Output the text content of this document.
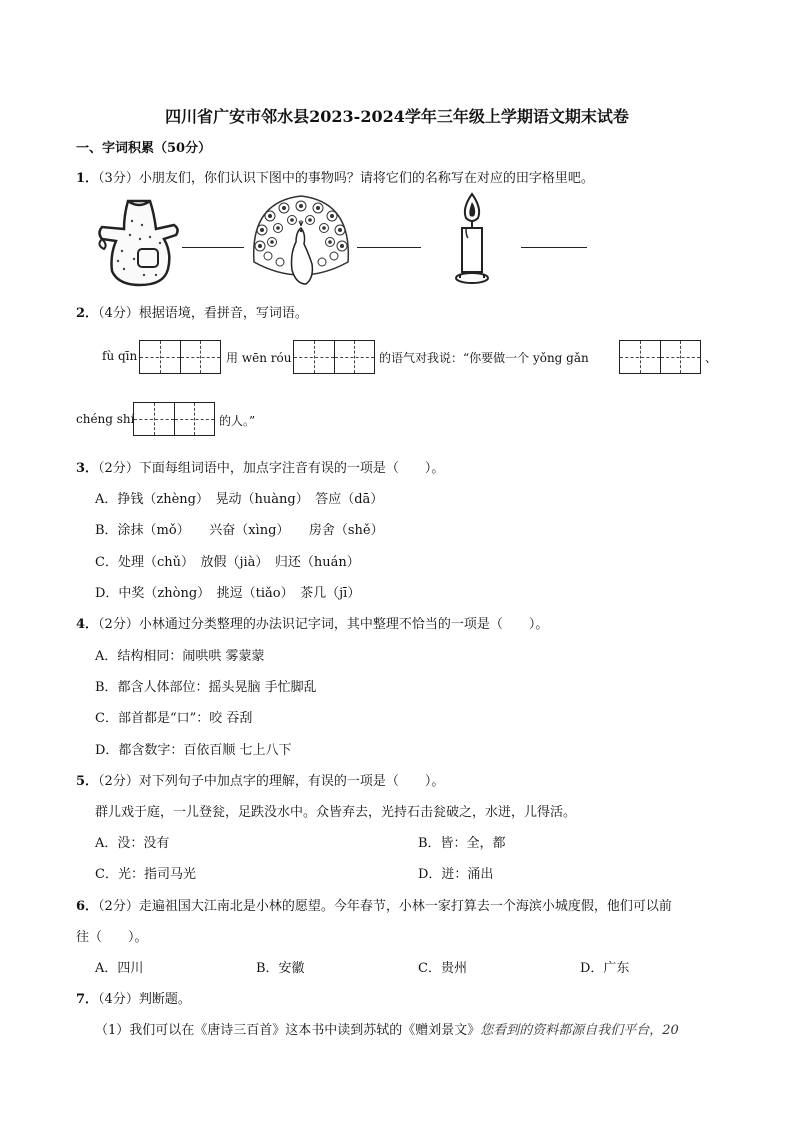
四川省广安市邻水县2023-2024学年三年级上学期语文期末试卷
一、字词积累（50分）
1．（3分）小朋友们，你们认识下图中的事物吗？请将它们的名称写在对应的田字格里吧。
2．（4分）根据语境，看拼音，写词语。
fù qīn	用 wēn róu	的语气对我说：“你要做一个 yǒng gǎn	、
chéng shí	的人。”
3．（2分）下面每组词语中，加点字注音有误的一项是（　　）。
A．挣钱（zhèng）　晃动（huàng）　答应（dā）
B．涂抹（mǒ）　　兴奋（xìng）　　房舍（shě）
C．处理（chǔ）　放假（jià）　归还（huán）
D．中奖（zhòng）　挑逗（tiǎo）　茶几（jī）
4．（2分）小林通过分类整理的办法识记字词，其中整理不恰当的一项是（　　）。
A．结构相同：闹哄哄 雾蒙蒙
B．都含人体部位：摇头晃脑 手忙脚乱
C．部首都是“口”：咬 吞刮
D．都含数字：百依百顺 七上八下
5．（2分）对下列句子中加点字的理解，有误的一项是（　　）。
群儿戏于庭，一儿登瓮，足跌没水中。众皆弃去，光持石击瓮破之，水迸，儿得活。
A．没：没有	B．皆：全，都
C．光：指司马光	D．迸：涌出
6．（2分）走遍祖国大江南北是小林的愿望。今年春节，小林一家打算去一个海滨小城度假，他们可以前
往（　　）。
A．四川	B．安徽	C．贵州	D．广东
7．（4分）判断题。
（1）我们可以在《唐诗三百首》这本书中读到苏轼的《赠刘景文》您看到的资料都源自我们平台，20
